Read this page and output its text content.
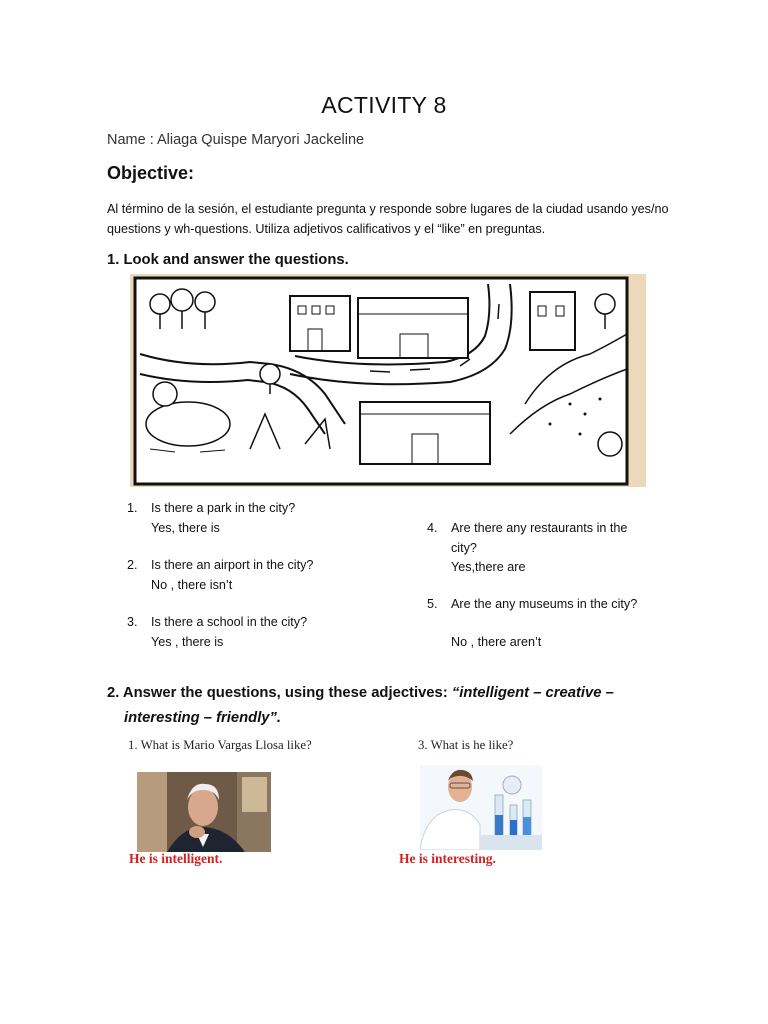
ACTIVITY 8
Name : Aliaga Quispe Maryori Jackeline
Objective:
Al término de la sesión, el estudiante pregunta y responde sobre lugares de la ciudad usando yes/no questions y wh-questions. Utiliza adjetivos calificativos y el “like” en preguntas.
1. Look and answer the questions.
1.	Is there a park in the city?
Yes, there is
2.	Is there an airport in the city?
No , there isn’t
3.	Is there a school in the city?
Yes , there is
4.	Are there any restaurants in the
city?
Yes,there are
5.	Are the any museums in the city?
No , there aren’t
2. Answer the questions, using these adjectives: “intelligent – creative –
interesting – friendly”.
1. What is Mario Vargas Llosa like?	3. What is he like?
He is intelligent.	He is interesting.
